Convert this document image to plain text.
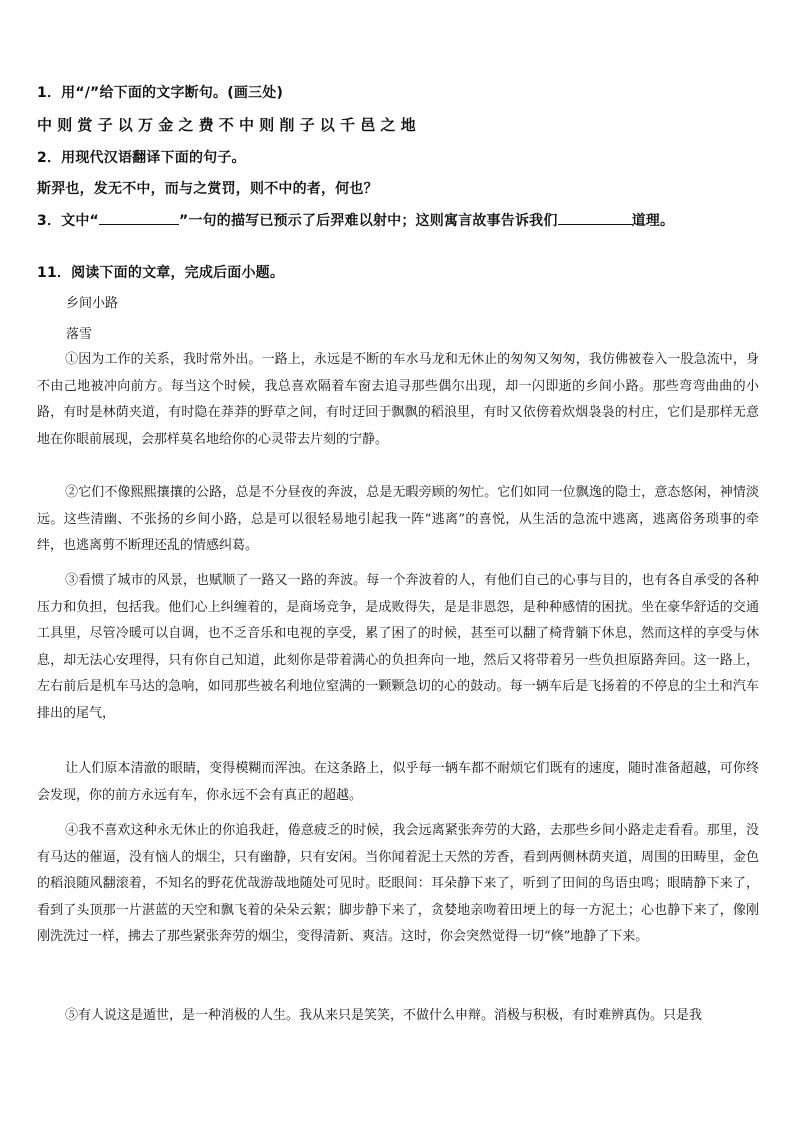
1．用“/”给下面的文字断句。(画三处)
中则赏子以万金之费不中则削子以千邑之地
2．用现代汉语翻译下面的句子。
斯羿也，发无不中，而与之赏罚，则不中的者，何也？
3．文中“	”一句的描写已预示了后羿难以射中；这则寓言故事告诉我们	道理。
11．阅读下面的文章，完成后面小题。
乡间小路
落雪
①因为工作的关系，我时常外出。一路上，永远是不断的车水马龙和无休止的匆匆又匆匆，我仿佛被卷入一股急流中，身不由己地被冲向前方。每当这个时候，我总喜欢隔着车窗去追寻那些偶尔出现，却一闪即逝的乡间小路。那些弯弯曲曲的小路，有时是林荫夹道，有时隐在莽莽的野草之间，有时迂回于飘飘的稻浪里，有时又依傍着炊烟袅袅的村庄，它们是那样无意地在你眼前展现，会那样莫名地给你的心灵带去片刻的宁静。
②它们不像熙熙攘攘的公路，总是不分昼夜的奔波，总是无暇旁顾的匆忙。它们如同一位飘逸的隐士，意态悠闲，神情淡远。这些清幽、不张扬的乡间小路，总是可以很轻易地引起我一阵“逃离”的喜悦，从生活的急流中逃离，逃离俗务琐事的牵绊，也逃离剪不断理还乱的情感纠葛。
③看惯了城市的风景，也赋顺了一路又一路的奔波。每一个奔波着的人，有他们自己的心事与目的，也有各自承受的各种压力和负担，包括我。他们心上纠缠着的，是商场竞争，是成败得失，是是非恩怨，是种种感情的困扰。坐在豪华舒适的交通工具里，尽管冷暖可以自调，也不乏音乐和电视的享受，累了困了的时候，甚至可以翻了椅背躺下休息，然而这样的享受与休息，却无法心安理得，只有你自己知道，此刻你是带着满心的负担奔向一地，然后又将带着另一些负担原路奔回。这一路上，左右前后是机车马达的急响，如同那些被名利地位窒满的一颗颗急切的心的鼓动。每一辆车后是飞扬着的不停息的尘土和汽车排出的尾气，
让人们原本清澈的眼睛，变得模糊而浑浊。在这条路上，似乎每一辆车都不耐烦它们既有的速度，随时准备超越，可你终会发现，你的前方永远有车，你永远不会有真正的超越。
④我不喜欢这种永无休止的你追我赶，倦意疲乏的时候，我会远离紧张奔劳的大路，去那些乡间小路走走看看。那里，没有马达的催逼，没有恼人的烟尘，只有幽静，只有安闲。当你闻着泥土天然的芳香，看到两侧林荫夹道，周围的田畴里，金色的稻浪随风翻滚着，不知名的野花优哉游哉地随处可见时。眨眼间：耳朵静下来了，听到了田间的鸟语虫鸣；眼睛静下来了，看到了头顶那一片湛蓝的天空和飘飞着的朵朵云絮；脚步静下来了，贪婪地亲吻着田埂上的每一方泥土；心也静下来了，像刚刚洗洗过一样，拂去了那些紧张奔劳的烟尘，变得清新、爽洁。这时，你会突然觉得一切“倏”地静了下来。
⑤有人说这是遁世，是一种消极的人生。我从来只是笑笑，不做什么申辩。消极与积极，有时难辨真伪。只是我
